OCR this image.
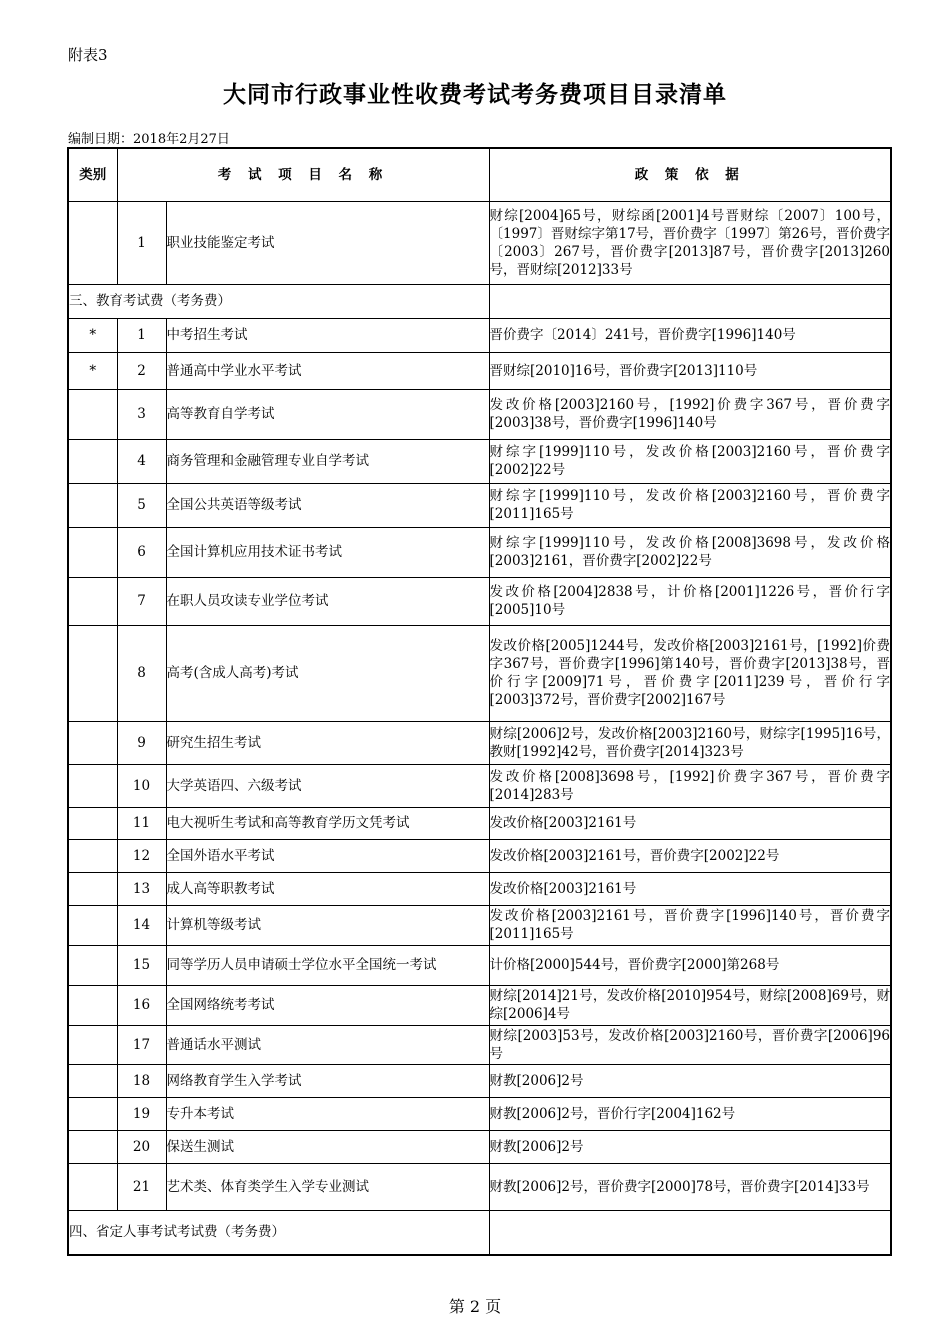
附表3
大同市行政事业性收费考试考务费项目目录清单
编制日期：2018年2月27日
类别	考 试 项 目 名 称		政 策 依 据
	1	职业技能鉴定考试	财综[2004]65号，财综函[2001]4号晋财综〔2007〕100号，〔1997〕晋财综字第17号，晋价费字〔1997〕第26号，晋价费字〔2003〕267号，晋价费字[2013]87号，晋价费字[2013]260号，晋财综[2012]33号
三、教育考试费（考务费）			
*	1	中考招生考试	晋价费字〔2014〕241号，晋价费字[1996]140号
*	2	普通高中学业水平考试	晋财综[2010]16号，晋价费字[2013]110号
	3	高等教育自学考试	发改价格[2003]2160号，[1992]价费字367号，晋价费字[2003]38号，晋价费字[1996]140号
	4	商务管理和金融管理专业自学考试	财综字[1999]110号，发改价格[2003]2160号，晋价费字[2002]22号
	5	全国公共英语等级考试	财综字[1999]110号，发改价格[2003]2160号，晋价费字[2011]165号
	6	全国计算机应用技术证书考试	财综字[1999]110号，发改价格[2008]3698号，发改价格[2003]2161，晋价费字[2002]22号
	7	在职人员攻读专业学位考试	发改价格[2004]2838号，计价格[2001]1226号，晋价行字[2005]10号
	8	高考(含成人高考)考试	发改价格[2005]1244号，发改价格[2003]2161号，[1992]价费字367号，晋价费字[1996]第140号，晋价费字[2013]38号，晋价行字[2009]71号，晋价费字[2011]239号，晋价行字[2003]372号，晋价费字[2002]167号
	9	研究生招生考试	财综[2006]2号，发改价格[2003]2160号，财综字[1995]16号，教财[1992]42号，晋价费字[2014]323号
	10	大学英语四、六级考试	发改价格[2008]3698号，[1992]价费字367号，晋价费字[2014]283号
	11	电大视听生考试和高等教育学历文凭考试	发改价格[2003]2161号
	12	全国外语水平考试	发改价格[2003]2161号，晋价费字[2002]22号
	13	成人高等职教考试	发改价格[2003]2161号
	14	计算机等级考试	发改价格[2003]2161号，晋价费字[1996]140号，晋价费字[2011]165号
	15	同等学历人员申请硕士学位水平全国统一考试	计价格[2000]544号，晋价费字[2000]第268号
	16	全国网络统考考试	财综[2014]21号，发改价格[2010]954号，财综[2008]69号，财综[2006]4号
	17	普通话水平测试	财综[2003]53号，发改价格[2003]2160号，晋价费字[2006]96号
	18	网络教育学生入学考试	财教[2006]2号
	19	专升本考试	财教[2006]2号，晋价行字[2004]162号
	20	保送生测试	财教[2006]2号
	21	艺术类、体育类学生入学专业测试	财教[2006]2号，晋价费字[2000]78号，晋价费字[2014]33号
四、省定人事考试考试费（考务费）			
第 2 页
